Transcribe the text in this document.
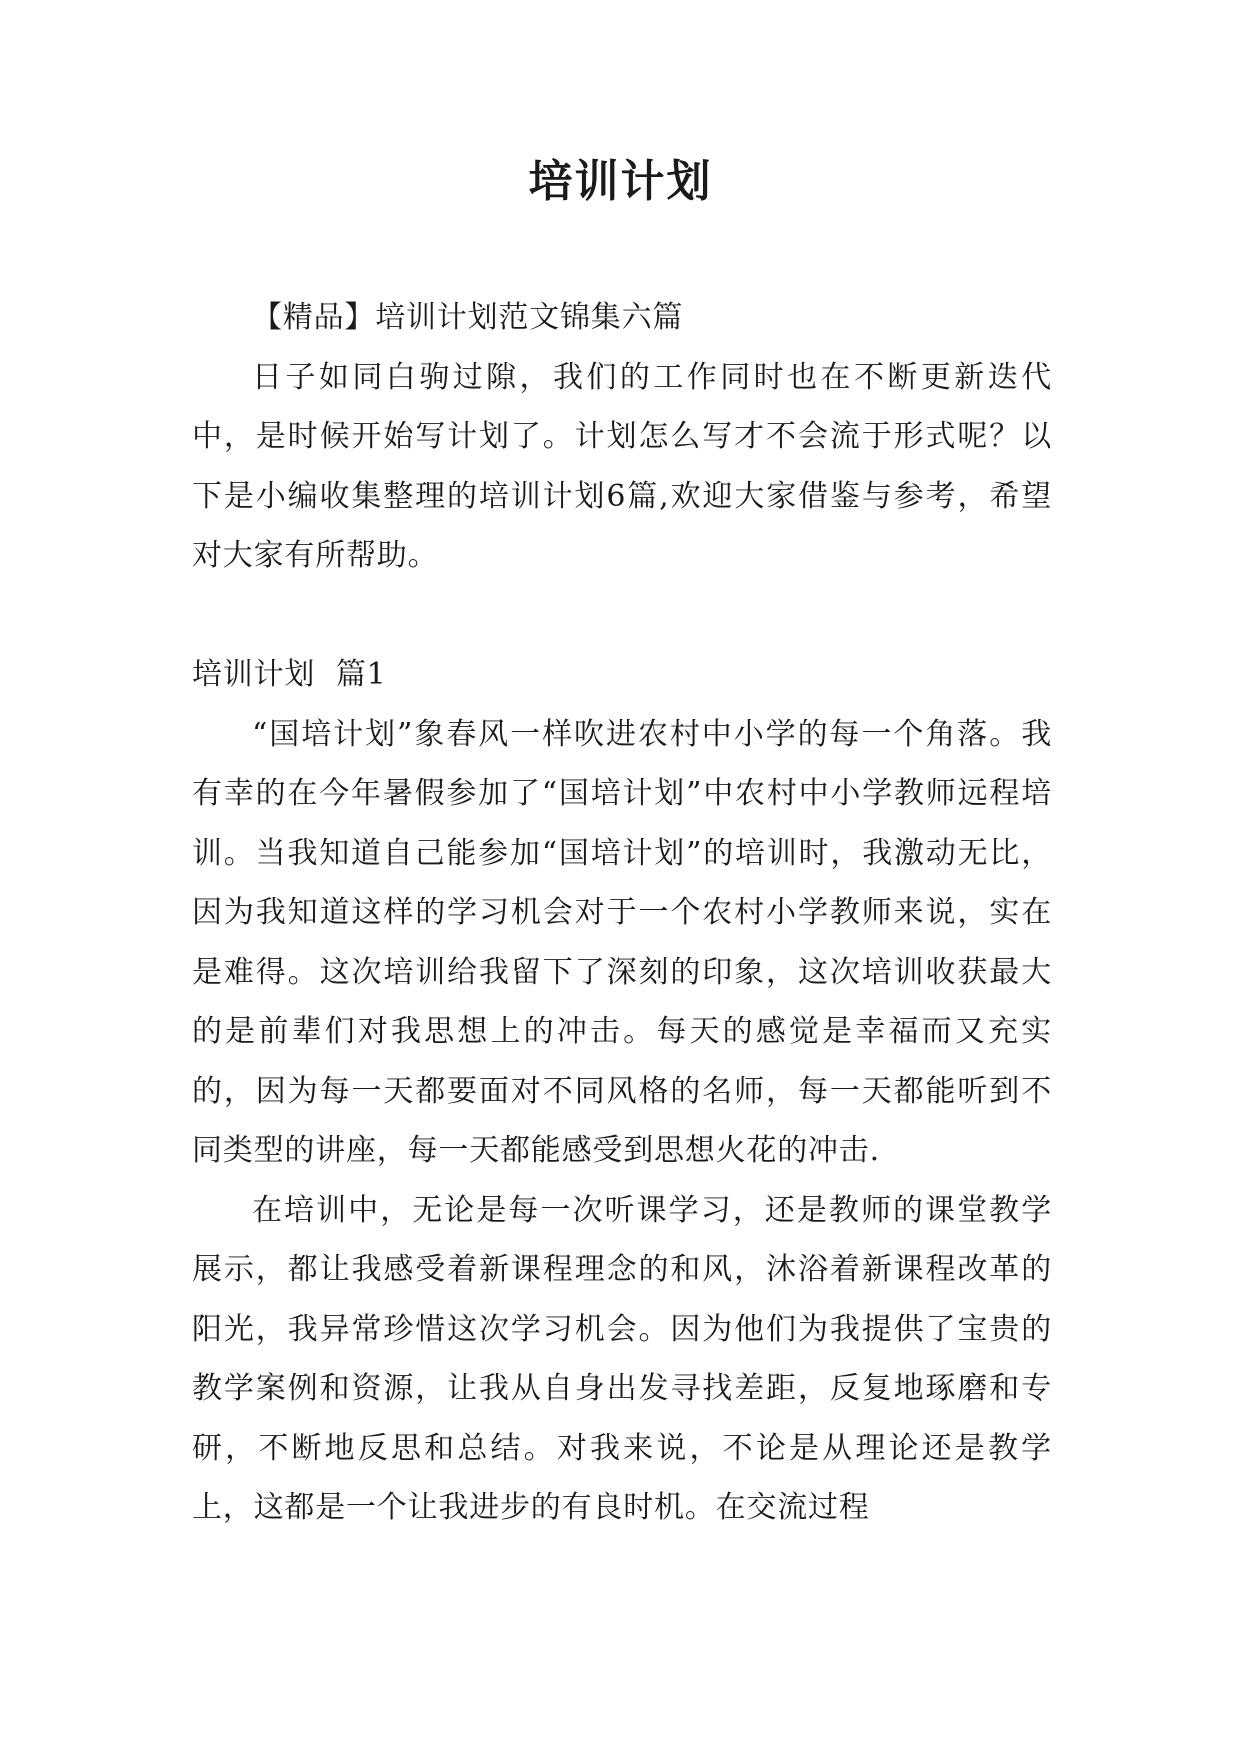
培训计划

【精品】培训计划范文锦集六篇

日子如同白驹过隙，我们的工作同时也在不断更新迭代中，是时候开始写计划了。计划怎么写才不会流于形式呢？以下是小编收集整理的培训计划6篇,欢迎大家借鉴与参考，希望对大家有所帮助。

培训计划  篇1

“国培计划”象春风一样吹进农村中小学的每一个角落。我有幸的在今年暑假参加了“国培计划”中农村中小学教师远程培训。当我知道自己能参加“国培计划”的培训时，我激动无比，因为我知道这样的学习机会对于一个农村小学教师来说，实在是难得。这次培训给我留下了深刻的印象，这次培训收获最大的是前辈们对我思想上的冲击。每天的感觉是幸福而又充实的，因为每一天都要面对不同风格的名师，每一天都能听到不同类型的讲座，每一天都能感受到思想火花的冲击.

在培训中，无论是每一次听课学习，还是教师的课堂教学展示，都让我感受着新课程理念的和风，沐浴着新课程改革的阳光，我异常珍惜这次学习机会。因为他们为我提供了宝贵的教学案例和资源，让我从自身出发寻找差距，反复地琢磨和专研，不断地反思和总结。对我来说，不论是从理论还是教学上，这都是一个让我进步的有良时机。在交流过程
